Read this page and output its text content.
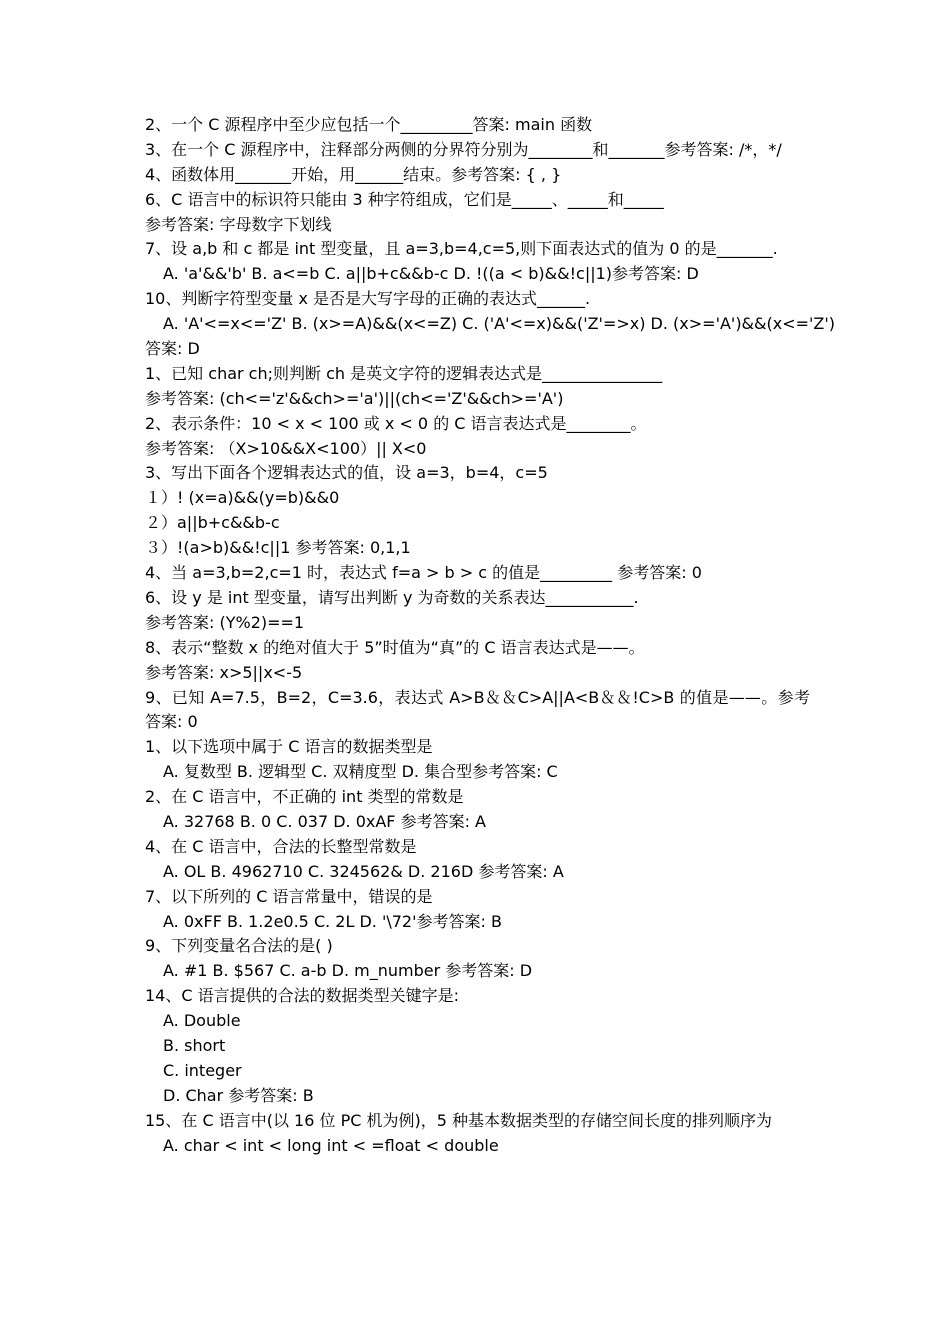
2、一个 C 源程序中至少应包括一个_________答案: main 函数
3、在一个 C 源程序中，注释部分两侧的分界符分别为________和_______参考答案: /*，*/
4、函数体用_______开始，用______结束。参考答案: { , }
6、C 语言中的标识符只能由 3 种字符组成，它们是_____、_____和_____
参考答案: 字母数字下划线
7、设 a,b 和 c 都是 int 型变量，且 a=3,b=4,c=5,则下面表达式的值为 0 的是_______.
A. 'a'&&'b' B. a<=b C. a||b+c&&b-c D. !((a < b)&&!c||1)参考答案: D
10、判断字符型变量 x 是否是大写字母的正确的表达式______.
A. 'A'<=x<='Z' B. (x>=A)&&(x<=Z) C. ('A'<=x)&&('Z'=>x) D. (x>='A')&&(x<='Z')
答案: D
1、已知 char ch;则判断 ch 是英文字符的逻辑表达式是_______________
参考答案: (ch<='z'&&ch>='a')||(ch<='Z'&&ch>='A')
2、表示条件：10 < x < 100 或 x < 0 的 C 语言表达式是________。
参考答案: （X>10&&X<100）|| X<0
3、写出下面各个逻辑表达式的值，设 a=3，b=4，c=5
１）! (x=a)&&(y=b)&&0
２）a||b+c&&b-c
３）!(a>b)&&!c||1 参考答案: 0,1,1
4、当 a=3,b=2,c=1 时，表达式 f=a > b > c 的值是_________ 参考答案: 0
6、设 y 是 int 型变量，请写出判断 y 为奇数的关系表达___________.
参考答案: (Y%2)==1
8、表示“整数 x 的绝对值大于 5”时值为“真”的 C 语言表达式是——。
参考答案: x>5||x<-5
9、已知 A=7.5，B=2，C=3.6，表达式 A>B＆＆C>A||A<B＆＆!C>B 的值是——。参考答案: 0
1、以下选项中属于 C 语言的数据类型是
A. 复数型 B. 逻辑型 C. 双精度型 D. 集合型参考答案: C
2、在 C 语言中，不正确的 int 类型的常数是
A. 32768 B. 0 C. 037 D. 0xAF 参考答案: A
4、在 C 语言中，合法的长整型常数是
A. OL B. 4962710 C. 324562& D. 216D 参考答案: A
7、以下所列的 C 语言常量中，错误的是
A. 0xFF B. 1.2e0.5 C. 2L D. '\72'参考答案: B
9、下列变量名合法的是( )
A. #1 B. $567 C. a-b D. m_number 参考答案: D
14、C 语言提供的合法的数据类型关键字是:
A. Double
B. short
C. integer
D. Char 参考答案: B
15、在 C 语言中(以 16 位 PC 机为例)，5 种基本数据类型的存储空间长度的排列顺序为
A. char < int < long int < =float < double
